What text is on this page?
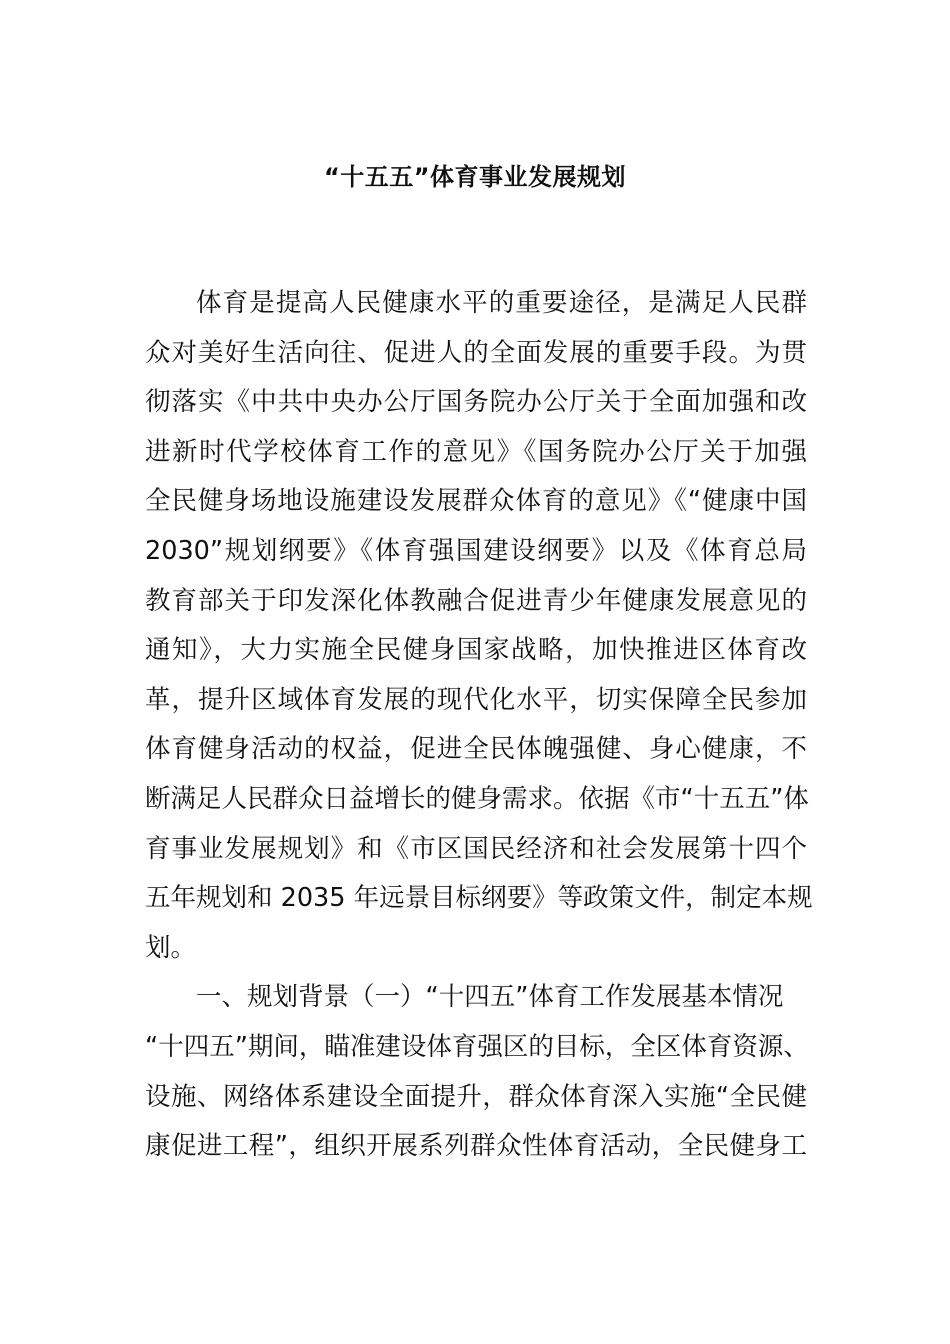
“十五五”体育事业发展规划
体育是提高人民健康水平的重要途径，是满足人民群
众对美好生活向往、促进人的全面发展的重要手段。为贯
彻落实《中共中央办公厅国务院办公厅关于全面加强和改
进新时代学校体育工作的意见》《国务院办公厅关于加强
全民健身场地设施建设发展群众体育的意见》《“健康中国
2030”规划纲要》《体育强国建设纲要》以及《体育总局
教育部关于印发深化体教融合促进青少年健康发展意见的
通知》，大力实施全民健身国家战略，加快推进区体育改
革，提升区域体育发展的现代化水平，切实保障全民参加
体育健身活动的权益，促进全民体魄强健、身心健康，不
断满足人民群众日益增长的健身需求。依据《市“十五五”体
育事业发展规划》和《市区国民经济和社会发展第十四个
五年规划和 2035 年远景目标纲要》等政策文件，制定本规
划。
一、规划背景（一）“十四五”体育工作发展基本情况
“十四五”期间，瞄准建设体育强区的目标，全区体育资源、
设施、网络体系建设全面提升，群众体育深入实施“全民健
康促进工程”，组织开展系列群众性体育活动，全民健身工
